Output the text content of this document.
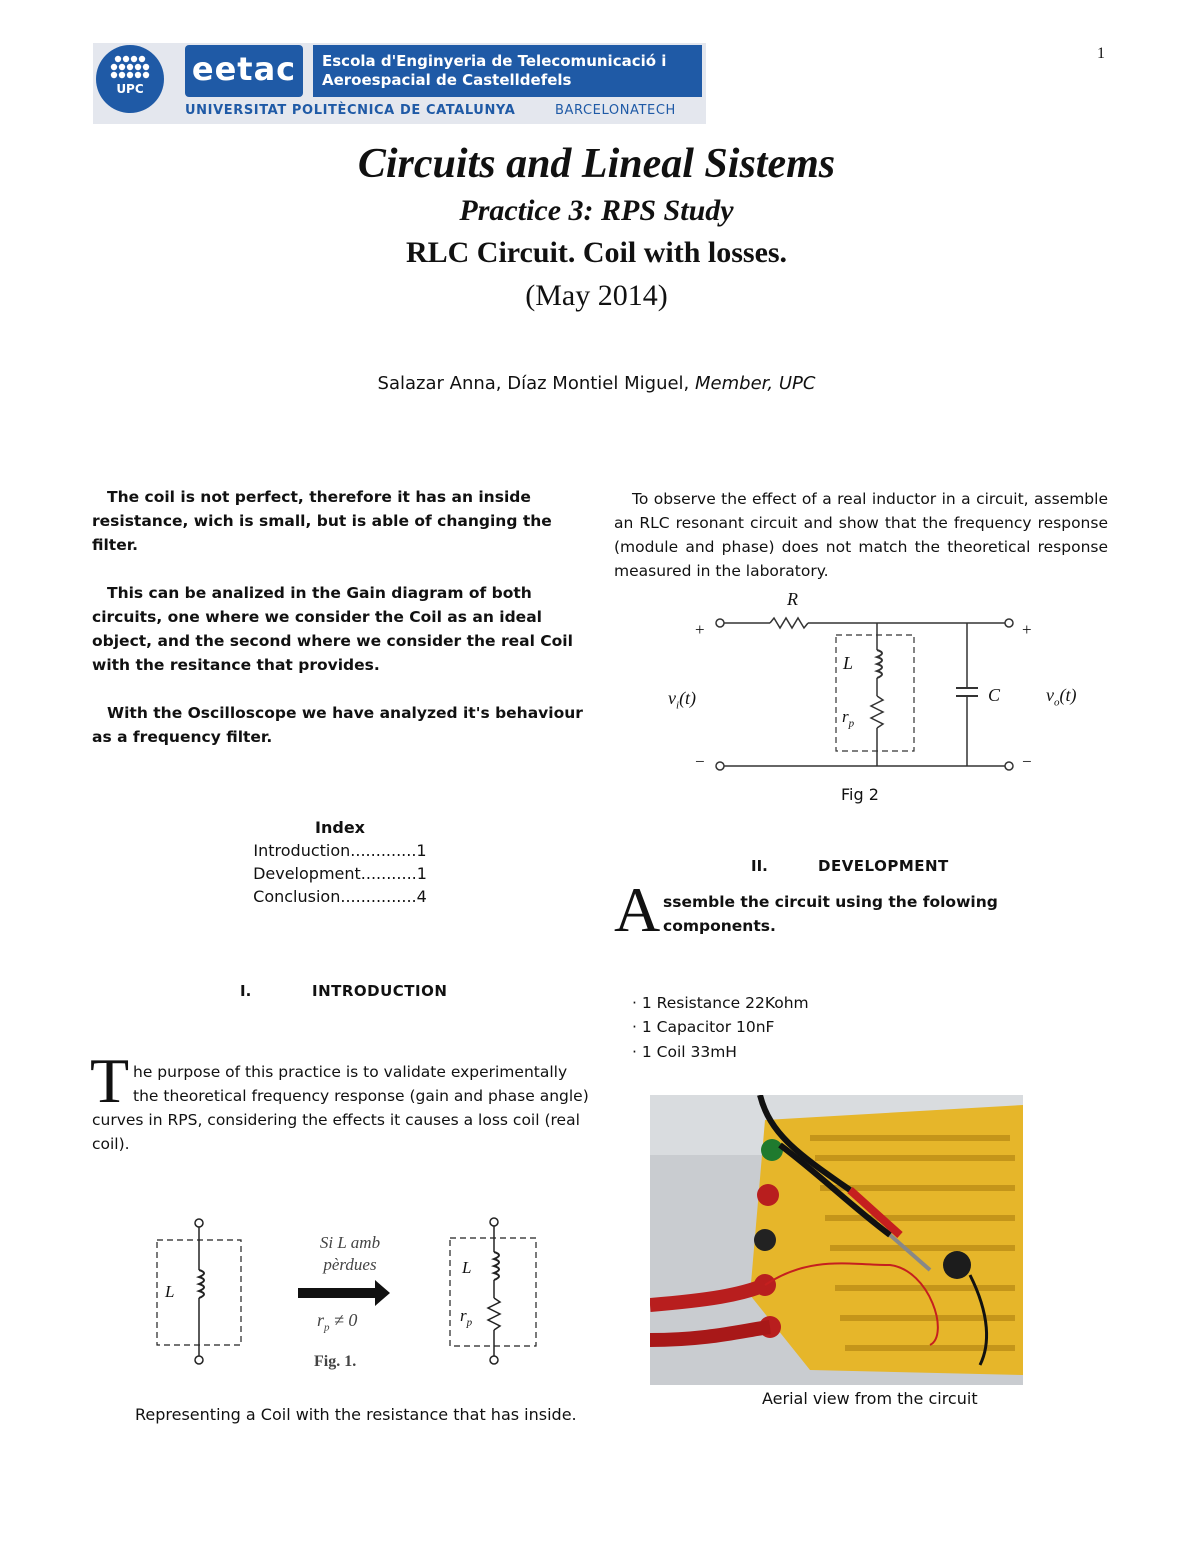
UPC
eetac	Escola d'Enginyeria de Telecomunicació i
Aeroespacial de Castelldefels
UNIVERSITAT POLITÈCNICA DE CATALUNYA	BARCELONATECH
1
Circuits and Lineal Sistems
Practice 3: RPS Study
RLC Circuit. Coil with losses.
(May 2014)
Salazar Anna, Díaz Montiel Miguel, Member, UPC

The coil is not perfect, therefore it has an inside resistance, wich is small, but is able of changing the filter.

This can be analized in the Gain diagram of both circuits, one where we consider the Coil as an ideal object, and the second where we consider the real Coil with the resitance that provides.

With the Oscilloscope we have analyzed it's behaviour as a frequency filter.

Index
Introduction.............1
Development...........1
Conclusion...............4
I.	INTRODUCTION
T he purpose of this practice is to validate experimentally
the theoretical frequency response (gain and phase angle)
curves in RPS, considering the effects it causes a loss coil (real coil).
L
Si L amb
pèrdues
$r_p \ne 0$
L
$r_p$
Fig. 1.
Representing a Coil with the resistance that has inside.
To observe the effect of a real inductor in a circuit, assemble an RLC resonant circuit and show that the frequency response (module and phase) does not match the theoretical response measured in the laboratory.
R
+	+
−	−
L
$r_p$
C
$v_i(t)$	$v_o(t)$
Fig 2
II.	DEVELOPMENT
A ssemble the circuit using the folowing components.
· 1 Resistance 22Kohm
· 1 Capacitor 10nF
· 1 Coil 33mH
Aerial view from the circuit
